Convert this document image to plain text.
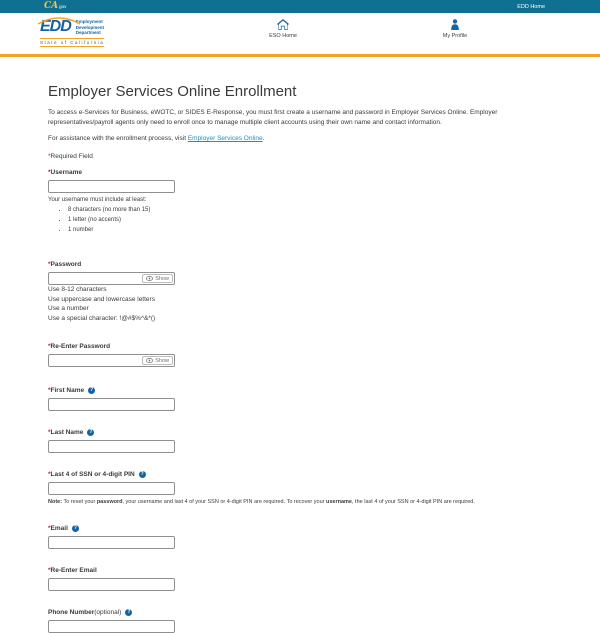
CA gov	EDD Home
EDD Employment
Development
Department
State of California
ESO Home	My Profile
Employer Services Online Enrollment

To access e-Services for Business, eWOTC, or SIDES E-Response, you must first create a username and password in Employer Services Online. Employer representatives/payroll agents only need to enroll once to manage multiple client accounts using their own name and contact information.

For assistance with the enrollment process, visit Employer Services Online.

*Required Field

* Username
Your username must include at least:
• 8 characters (no more than 15)
• 1 letter (no accents)
• 1 number
* Password
Show
Use 8-12 characters
Use uppercase and lowercase letters
Use a number
Use a special character: !@#$%^&*()
* Re-Enter Password
Show
* First Name	?
* Last Name	?
* Last 4 of SSN or 4-digit PIN	?

Note: To reset your password, your username and last 4 of your SSN or 4-digit PIN are required. To recover your username, the last 4 of your SSN or 4-digit PIN are required.

* Email	?
* Re-Enter Email
Phone Number (optional)	?
